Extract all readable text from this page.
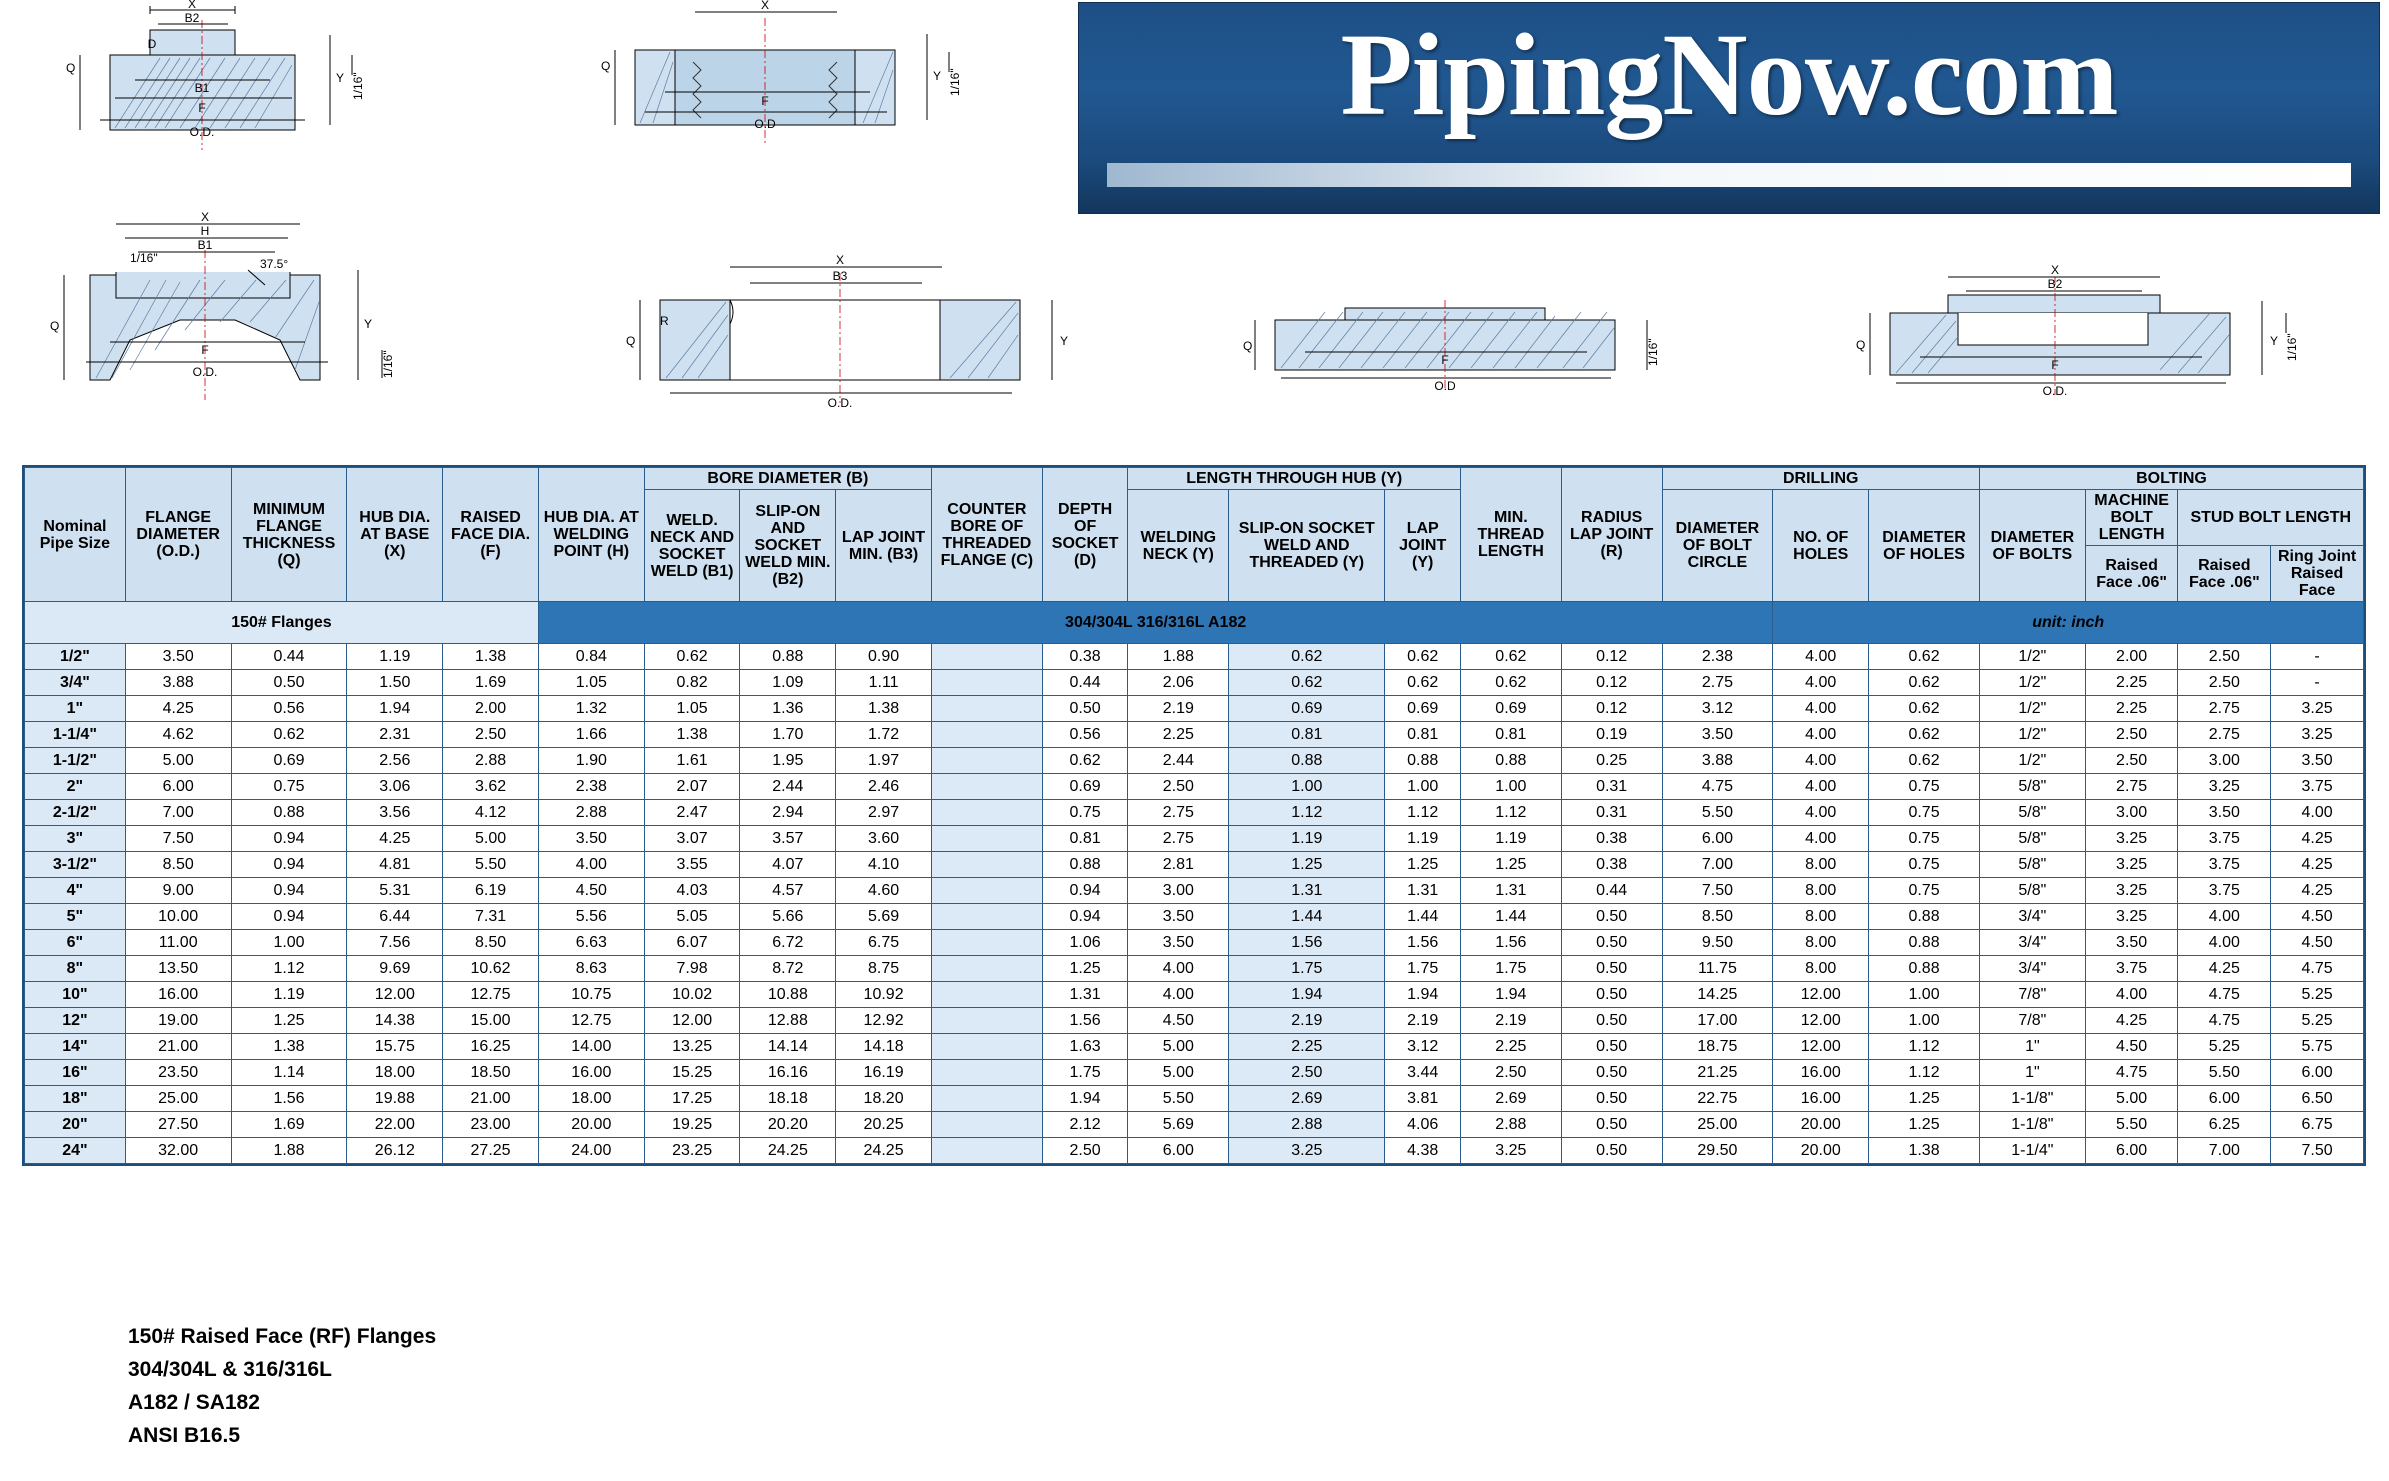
X
B2
B1
F
O.D.
D
Q
Y 1/16"
X
F
O.D
Q
Y 1/16"
X
H
B1
F
O.D.
1/16"	37.5°
Q	Y
1/16"
X
B3
O.D.
Q
R
Y
F
O.D
Q	1/16"
X
B2
F
O.D.
Q	Y 1/16"
PipingNow.com
150# Flanges					304/304L 316/316L A182												unit: inch					
Nominal Pipe Size	FLANGE DIAMETER (O.D.)	MINIMUM FLANGE THICKNESS (Q)	HUB DIA. AT BASE (X)	RAISED FACE DIA. (F)	HUB DIA. AT WELDING POINT (H)	BORE DIAMETER (B)			COUNTER BORE OF THREADED FLANGE (C)	DEPTH OF SOCKET (D)	LENGTH THROUGH HUB (Y)			MIN. THREAD LENGTH	RADIUS LAP JOINT (R)	DRILLING			BOLTING			
						WELD. NECK AND SOCKET WELD (B1)	SLIP-ON AND SOCKET WELD MIN. (B2)	LAP JOINT MIN. (B3)			WELDING NECK (Y)	SLIP-ON SOCKET WELD AND THREADED (Y)	LAP JOINT (Y)			DIAMETER OF BOLT CIRCLE	NO. OF HOLES	DIAMETER OF HOLES	DIAMETER OF BOLTS	MACHINE BOLT LENGTH	STUD BOLT LENGTH	
																				Raised Face .06"	Raised Face .06"	Ring Joint Raised Face
1/2"	3.50	0.44	1.19	1.38	0.84	0.62	0.88	0.90		0.38	1.88	0.62	0.62	0.62	0.12	2.38	4.00	0.62	1/2"	2.00	2.50	-
3/4"	3.88	0.50	1.50	1.69	1.05	0.82	1.09	1.11		0.44	2.06	0.62	0.62	0.62	0.12	2.75	4.00	0.62	1/2"	2.25	2.50	-
1"	4.25	0.56	1.94	2.00	1.32	1.05	1.36	1.38		0.50	2.19	0.69	0.69	0.69	0.12	3.12	4.00	0.62	1/2"	2.25	2.75	3.25
1-1/4"	4.62	0.62	2.31	2.50	1.66	1.38	1.70	1.72		0.56	2.25	0.81	0.81	0.81	0.19	3.50	4.00	0.62	1/2"	2.50	2.75	3.25
1-1/2"	5.00	0.69	2.56	2.88	1.90	1.61	1.95	1.97		0.62	2.44	0.88	0.88	0.88	0.25	3.88	4.00	0.62	1/2"	2.50	3.00	3.50
2"	6.00	0.75	3.06	3.62	2.38	2.07	2.44	2.46		0.69	2.50	1.00	1.00	1.00	0.31	4.75	4.00	0.75	5/8"	2.75	3.25	3.75
2-1/2"	7.00	0.88	3.56	4.12	2.88	2.47	2.94	2.97		0.75	2.75	1.12	1.12	1.12	0.31	5.50	4.00	0.75	5/8"	3.00	3.50	4.00
3"	7.50	0.94	4.25	5.00	3.50	3.07	3.57	3.60		0.81	2.75	1.19	1.19	1.19	0.38	6.00	4.00	0.75	5/8"	3.25	3.75	4.25
3-1/2"	8.50	0.94	4.81	5.50	4.00	3.55	4.07	4.10		0.88	2.81	1.25	1.25	1.25	0.38	7.00	8.00	0.75	5/8"	3.25	3.75	4.25
4"	9.00	0.94	5.31	6.19	4.50	4.03	4.57	4.60		0.94	3.00	1.31	1.31	1.31	0.44	7.50	8.00	0.75	5/8"	3.25	3.75	4.25
5"	10.00	0.94	6.44	7.31	5.56	5.05	5.66	5.69		0.94	3.50	1.44	1.44	1.44	0.50	8.50	8.00	0.88	3/4"	3.25	4.00	4.50
6"	11.00	1.00	7.56	8.50	6.63	6.07	6.72	6.75		1.06	3.50	1.56	1.56	1.56	0.50	9.50	8.00	0.88	3/4"	3.50	4.00	4.50
8"	13.50	1.12	9.69	10.62	8.63	7.98	8.72	8.75		1.25	4.00	1.75	1.75	1.75	0.50	11.75	8.00	0.88	3/4"	3.75	4.25	4.75
10"	16.00	1.19	12.00	12.75	10.75	10.02	10.88	10.92		1.31	4.00	1.94	1.94	1.94	0.50	14.25	12.00	1.00	7/8"	4.00	4.75	5.25
12"	19.00	1.25	14.38	15.00	12.75	12.00	12.88	12.92		1.56	4.50	2.19	2.19	2.19	0.50	17.00	12.00	1.00	7/8"	4.25	4.75	5.25
14"	21.00	1.38	15.75	16.25	14.00	13.25	14.14	14.18		1.63	5.00	2.25	3.12	2.25	0.50	18.75	12.00	1.12	1"	4.50	5.25	5.75
16"	23.50	1.14	18.00	18.50	16.00	15.25	16.16	16.19		1.75	5.00	2.50	3.44	2.50	0.50	21.25	16.00	1.12	1"	4.75	5.50	6.00
18"	25.00	1.56	19.88	21.00	18.00	17.25	18.18	18.20		1.94	5.50	2.69	3.81	2.69	0.50	22.75	16.00	1.25	1-1/8"	5.00	6.00	6.50
20"	27.50	1.69	22.00	23.00	20.00	19.25	20.20	20.25		2.12	5.69	2.88	4.06	2.88	0.50	25.00	20.00	1.25	1-1/8"	5.50	6.25	6.75
24"	32.00	1.88	26.12	27.25	24.00	23.25	24.25	24.25		2.50	6.00	3.25	4.38	3.25	0.50	29.50	20.00	1.38	1-1/4"	6.00	7.00	7.50
150# Raised Face (RF) Flanges
304/304L & 316/316L
A182 / SA182
ANSI B16.5
